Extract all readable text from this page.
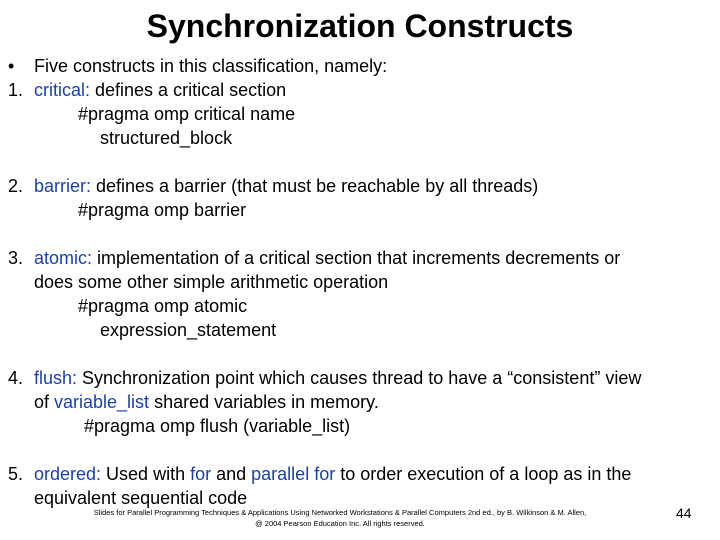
Synchronization Constructs
• Five constructs in this classification, namely:
1. critical: defines a critical section
#pragma omp critical name
structured_block
2. barrier: defines a barrier (that must be reachable by all threads)
#pragma omp barrier
3. atomic: implementation of a critical section that increments decrements or
does some other simple arithmetic operation
#pragma omp atomic
expression_statement
4. flush: Synchronization point which causes thread to have a “consistent” view
of variable_list shared variables in memory.
#pragma omp flush (variable_list)
5. ordered: Used with for and parallel for to order execution of a loop as in the
equivalent sequential code
Slides for Parallel Programming Techniques & Applications Using Networked Workstations & Parallel Computers 2nd ed., by B. Wilkinson & M. Allen,
@ 2004 Pearson Education Inc. All rights reserved.
44
